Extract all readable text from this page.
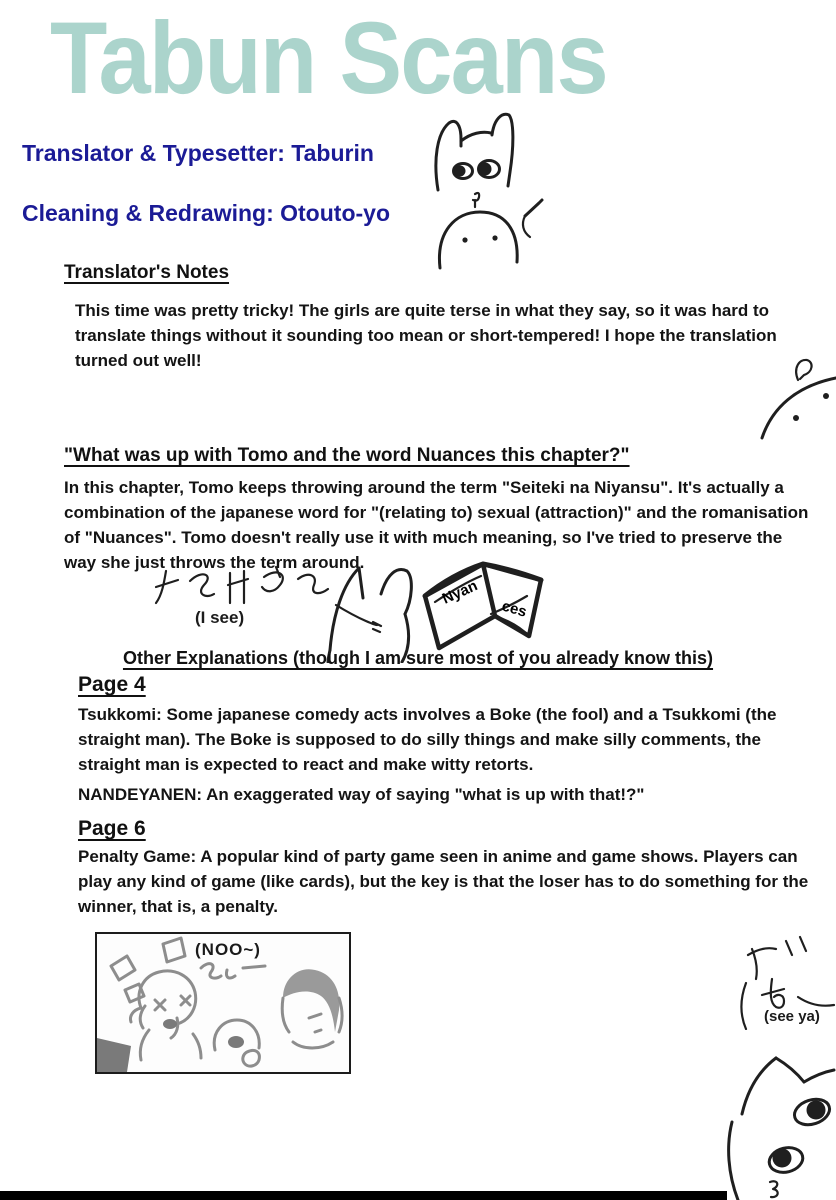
Tabun Scans
Translator & Typesetter: Taburin
Cleaning & Redrawing: Otouto-yo
Translator's Notes
This time was pretty tricky! The girls are quite terse in what they say, so it was hard to translate things without it sounding too mean or short-tempered! I hope the translation turned out well!
"What was up with Tomo and the word Nuances this chapter?"
In this chapter, Tomo keeps throwing around the term "Seiteki na Niyansu". It's actually a combination of the japanese word for "(relating to) sexual (attraction)" and the romanisation of "Nuances". Tomo doesn't really use it with much meaning, so I've tried to preserve the way she just throws the term around.
(I see)
Nyan
ces
Other Explanations (though I am sure most of you already know this)
Page 4
Tsukkomi: Some japanese comedy acts involves a Boke (the fool) and a Tsukkomi (the straight man). The Boke is supposed to do silly things and make silly comments, the straight man is expected to react and make witty retorts.
NANDEYANEN: An exaggerated way of saying "what is up with that!?"
Page 6
Penalty Game: A popular kind of party game seen in anime and game shows. Players can play any kind of game (like cards), but the key is that the loser has to do something for the winner, that is, a penalty.
(NOO~)
(see ya)
